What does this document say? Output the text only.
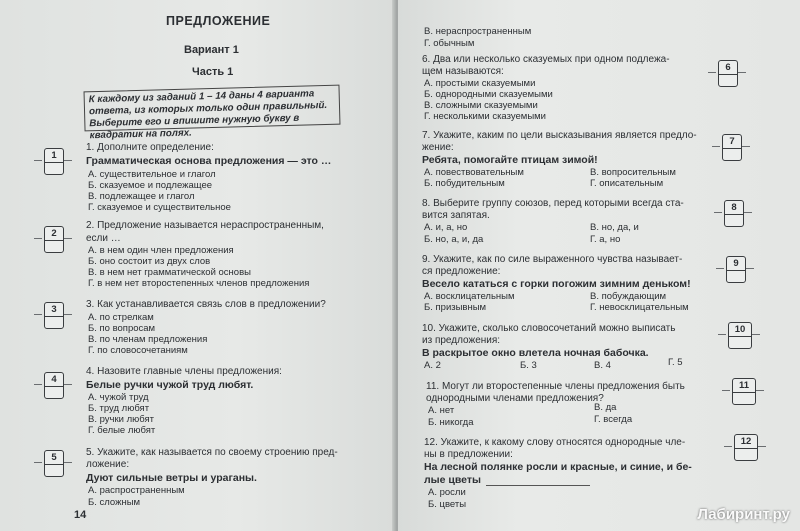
ПРЕДЛОЖЕНИЕ
Вариант 1
Часть 1
К каждому из заданий 1 – 14 даны 4 варианта ответа, из которых только один правильный. Выберите его и впишите нужную букву в квадратик на полях.
1. Дополните определение:
Грамматическая основа предложения — это …
А. существительное и глагол
Б. сказуемое и подлежащее
В. подлежащее и глагол
Г. сказуемое и существительное
2. Предложение называется нераспространенным,
если …
А. в нем один член предложения
Б. оно состоит из двух слов
В. в нем нет грамматической основы
Г. в нем нет второстепенных членов предложения
3. Как устанавливается связь слов в предложении?
А. по стрелкам
Б. по вопросам
В. по членам предложения
Г. по словосочетаниям
4. Назовите главные члены предложения:
Белые ручки чужой труд любят.
А. чужой труд
Б. труд любят
В. ручки любят
Г. белые любят
5. Укажите, как называется по своему строению пред-
ложение:
Дуют сильные ветры и ураганы.
А. распространенным
Б. сложным
14
1
2
3
4
5
В. нераспространенным
Г. обычным
6. Два или несколько сказуемых при одном подлежа-
щем называются:
А. простыми сказуемыми
Б. однородными сказуемыми
В. сложными сказуемыми
Г. несколькими сказуемыми
7. Укажите, каким по цели высказывания является предло-
жение:
Ребята, помогайте птицам зимой!
А. повествовательным	В. вопросительным
Б. побудительным	Г. описательным
8. Выберите группу союзов, перед которыми всегда ста-
вится запятая.
А. и, а, но	В. но, да, и
Б. но, а, и, да	Г. а, но
9. Укажите, как по силе выраженного чувства называет-
ся предложение:
Весело кататься с горки погожим зимним деньком!
А. восклицательным	В. побуждающим
Б. призывным	Г. невосклицательным
10. Укажите, сколько словосочетаний можно выписать
из предложения:
В раскрытое окно влетела ночная бабочка.
А. 2	Б. 3	В. 4	Г. 5
11. Могут ли второстепенные члены предложения быть
однородными членами предложения?
А. нет	В. да
Б. никогда	Г. всегда
12. Укажите, к какому слову относятся однородные чле-
ны в предложении:
На лесной полянке росли и красные, и синие, и бе-
лые цветы
А. росли
Б. цветы
6
7
8
9
10
11
12
Лабиринт.ру
